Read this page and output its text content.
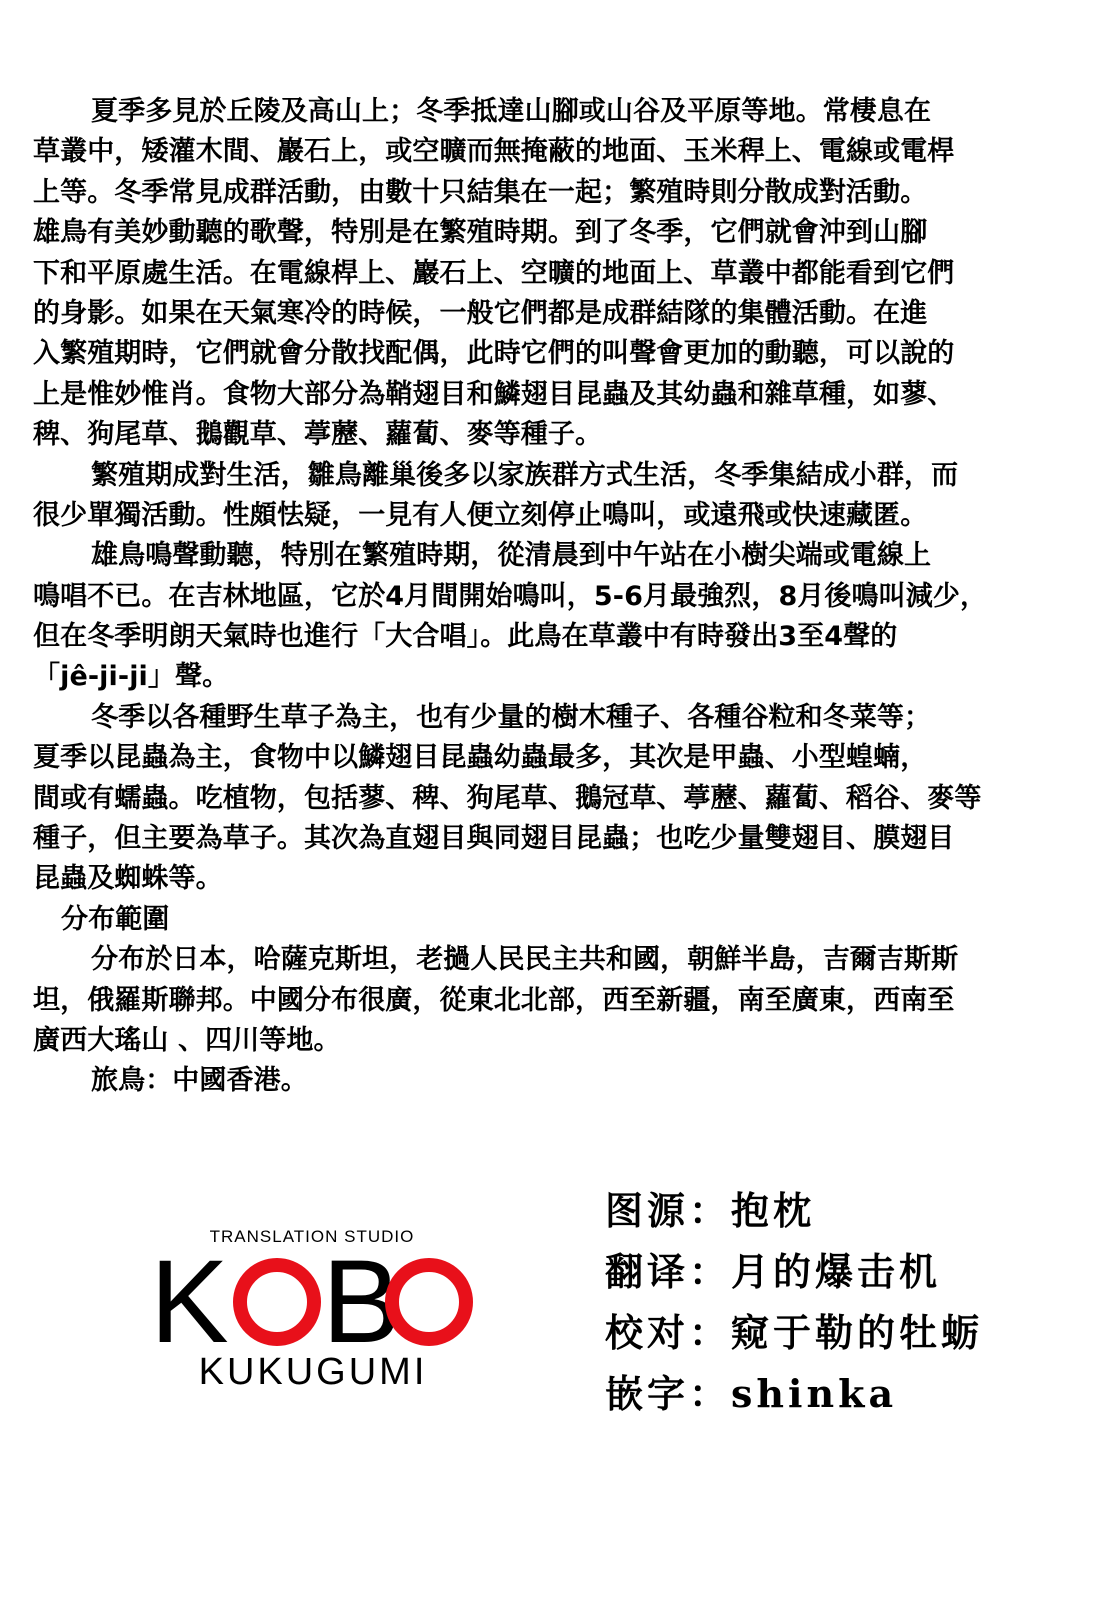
夏季多見於丘陵及高山上；冬季抵達山腳或山谷及平原等地。常棲息在
草叢中，矮灌木間、巖石上，或空曠而無掩蔽的地面、玉米稈上、電線或電桿
上等。冬季常見成群活動，由數十只結集在一起；繁殖時則分散成對活動。
雄鳥有美妙動聽的歌聲，特別是在繁殖時期。到了冬季，它們就會沖到山腳
下和平原處生活。在電線桿上、巖石上、空曠的地面上、草叢中都能看到它們
的身影。如果在天氣寒冷的時候，一般它們都是成群結隊的集體活動。在進
入繁殖期時，它們就會分散找配偶，此時它們的叫聲會更加的動聽，可以說的
上是惟妙惟肖。食物大部分為鞘翅目和鱗翅目昆蟲及其幼蟲和雜草種，如蓼、
稗、狗尾草、鵝觀草、葶藶、蘿蔔、麥等種子。
繁殖期成對生活，雛鳥離巢後多以家族群方式生活，冬季集結成小群，而
很少單獨活動。性頗怯疑，一見有人便立刻停止鳴叫，或遠飛或快速藏匿。
雄鳥鳴聲動聽，特別在繁殖時期，從清晨到中午站在小樹尖端或電線上
鳴唱不已。在吉林地區，它於4月間開始鳴叫，5-6月最強烈，8月後鳴叫減少，
但在冬季明朗天氣時也進行「大合唱」。此鳥在草叢中有時發出3至4聲的
「jê-ji-ji」聲。
冬季以各種野生草子為主，也有少量的樹木種子、各種谷粒和冬菜等；
夏季以昆蟲為主，食物中以鱗翅目昆蟲幼蟲最多，其次是甲蟲、小型蝗蝻，
間或有蠕蟲。吃植物，包括蓼、稗、狗尾草、鵝冠草、葶藶、蘿蔔、稻谷、麥等
種子，但主要為草子。其次為直翅目與同翅目昆蟲；也吃少量雙翅目、膜翅目
昆蟲及蜘蛛等。
分布範圍
分布於日本，哈薩克斯坦，老撾人民民主共和國，朝鮮半島，吉爾吉斯斯
坦，俄羅斯聯邦。中國分布很廣，從東北北部，西至新疆，南至廣東，西南至
廣西大瑤山 、四川等地。
旅鳥：中國香港。
TRANSLATION STUDIO
K O B
O
KUKUGUMI
图源：抱枕
翻译：月的爆击机
校对：窥于勒的牡蛎
嵌字：shinka
